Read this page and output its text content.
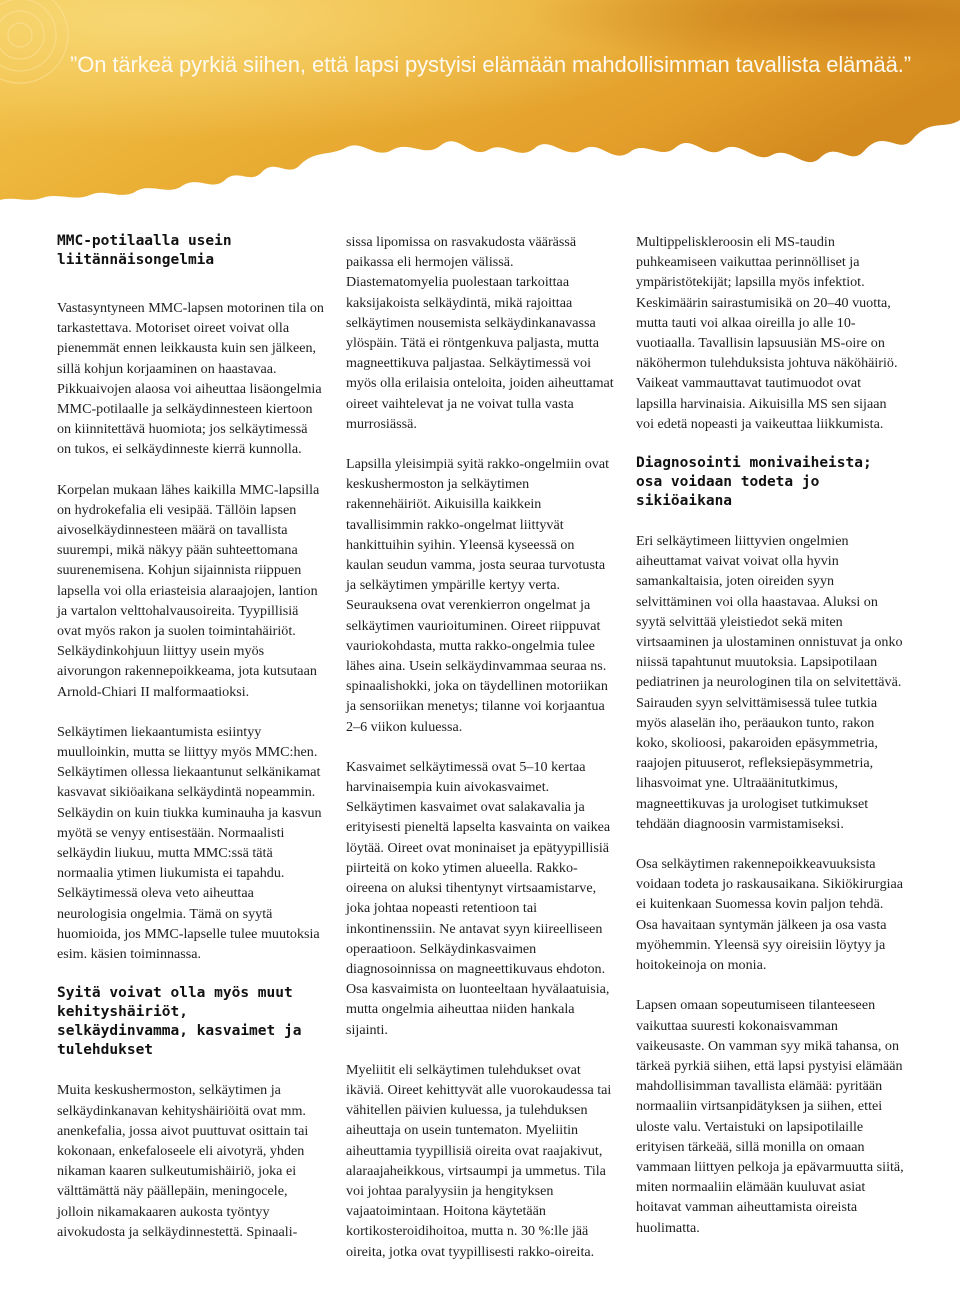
”On tärkeä pyrkiä siihen, että lapsi pystyisi elämään mahdollisimman tavallista elämää.”
MMC-potilaalla usein liitännäisongelmia

Vastasyntyneen MMC-lapsen motorinen tila on tarkastettava. Motoriset oireet voivat olla pienemmät ennen leikkausta kuin sen jälkeen, sillä kohjun korjaaminen on haastavaa. Pikkuaivojen alaosa voi aiheuttaa lisäongelmia MMC-potilaalle ja selkäydinnesteen kiertoon on kiinnitettävä huomiota; jos selkäytimessä on tukos, ei selkäydinneste kierrä kunnolla.

Korpelan mukaan lähes kaikilla MMC-lapsilla on hydrokefalia eli vesipää. Tällöin lapsen aivoselkäydinnesteen määrä on tavallista suurempi, mikä näkyy pään suhteettomana suurenemisena. Kohjun sijainnista riippuen lapsella voi olla eriasteisia alaraajojen, lantion ja vartalon velttohalvausoireita. Tyypillisiä ovat myös rakon ja suolen toimintahäiriöt. Selkäydinkohjuun liittyy usein myös aivorungon rakennepoikkeama, jota kutsutaan Arnold-Chiari II malformaatioksi.

Selkäytimen liekaantumista esiintyy muulloinkin, mutta se liittyy myös MMC:hen. Selkäytimen ollessa liekaantunut selkänikamat kasvavat sikiöaikana selkäydintä nopeammin. Selkäydin on kuin tiukka kuminauha ja kasvun myötä se venyy entisestään. Normaalisti selkäydin liukuu, mutta MMC:ssä tätä normaalia ytimen liukumista ei tapahdu. Selkäytimessä oleva veto aiheuttaa neurologisia ongelmia. Tämä on syytä huomioida, jos MMC-lapselle tulee muutoksia esim. käsien toiminnassa.

Syitä voivat olla myös muut kehityshäiriöt, selkäydinvamma, kasvaimet ja tulehdukset

Muita keskushermoston, selkäytimen ja selkäydinkanavan kehityshäiriöitä ovat mm. anenkefalia, jossa aivot puuttuvat osittain tai kokonaan, enkefaloseele eli aivotyrä, yhden nikaman kaaren sulkeutumishäiriö, joka ei välttämättä näy päällepäin, meningocele, jolloin nikamakaaren aukosta työntyy aivokudosta ja selkäydinnestettä. Spinaali-

sissa lipomissa on rasvakudosta väärässä paikassa eli hermojen välissä. Diastematomyelia puolestaan tarkoittaa kaksijakoista selkäydintä, mikä rajoittaa selkäytimen nousemista selkäydinkanavassa ylöspäin. Tätä ei röntgenkuva paljasta, mutta magneettikuva paljastaa. Selkäytimessä voi myös olla erilaisia onteloita, joiden aiheuttamat oireet vaihtelevat ja ne voivat tulla vasta murrosiässä.

Lapsilla yleisimpiä syitä rakko-ongelmiin ovat keskushermoston ja selkäytimen rakennehäiriöt. Aikuisilla kaikkein tavallisimmin rakko-ongelmat liittyvät hankittuihin syihin. Yleensä kyseessä on kaulan seudun vamma, josta seuraa turvotusta ja selkäytimen ympärille kertyy verta. Seurauksena ovat verenkierron ongelmat ja selkäytimen vaurioituminen. Oireet riippuvat vauriokohdasta, mutta rakko-ongelmia tulee lähes aina. Usein selkäydinvammaa seuraa ns. spinaalishokki, joka on täydellinen motoriikan ja sensoriikan menetys; tilanne voi korjaantua 2–6 viikon kuluessa.

Kasvaimet selkäytimessä ovat 5–10 kertaa harvinaisempia kuin aivokasvaimet. Selkäytimen kasvaimet ovat salakavalia ja erityisesti pieneltä lapselta kasvainta on vaikea löytää. Oireet ovat moninaiset ja epätyypillisiä piirteitä on koko ytimen alueella. Rakko-oireena on aluksi tihentynyt virtsaamistarve, joka johtaa nopeasti retentioon tai inkontinenssiin. Ne antavat syyn kiireelliseen operaatioon. Selkäydinkasvaimen diagnosoinnissa on magneettikuvaus ehdoton. Osa kasvaimista on luonteeltaan hyvälaatuisia, mutta ongelmia aiheuttaa niiden hankala sijainti.

Myeliitit eli selkäytimen tulehdukset ovat ikäviä. Oireet kehittyvät alle vuorokaudessa tai vähitellen päivien kuluessa, ja tulehduksen aiheuttaja on usein tuntematon. Myeliitin aiheuttamia tyypillisiä oireita ovat raajakivut, alaraajaheikkous, virtsaumpi ja ummetus. Tila voi johtaa paralyysiin ja hengityksen vajaatoimintaan. Hoitona käytetään kortikosteroidihoitoa, mutta n. 30 %:lle jää oireita, jotka ovat tyypillisesti rakko-oireita.

Multippeliskleroosin eli MS-taudin puhkeamiseen vaikuttaa perinnölliset ja ympäristötekijät; lapsilla myös infektiot. Keskimäärin sairastumisikä on 20–40 vuotta, mutta tauti voi alkaa oireilla jo alle 10-vuotiaalla. Tavallisin lapsuusiän MS-oire on näköhermon tulehduksista johtuva näköhäiriö. Vaikeat vammauttavat tautimuodot ovat lapsilla harvinaisia. Aikuisilla MS sen sijaan voi edetä nopeasti ja vaikeuttaa liikkumista.

Diagnosointi monivaiheista; osa voidaan todeta jo sikiöaikana

Eri selkäytimeen liittyvien ongelmien aiheuttamat vaivat voivat olla hyvin samankaltaisia, joten oireiden syyn selvittäminen voi olla haastavaa. Aluksi on syytä selvittää yleistiedot sekä miten virtsaaminen ja ulostaminen onnistuvat ja onko niissä tapahtunut muutoksia. Lapsipotilaan pediatrinen ja neurologinen tila on selvitettävä. Sairauden syyn selvittämisessä tulee tutkia myös alaselän iho, peräaukon tunto, rakon koko, skolioosi, pakaroiden epäsymmetria, raajojen pituuserot, refleksiepäsymmetria, lihasvoimat yne. Ultraäänitutkimus, magneettikuvas ja urologiset tutkimukset tehdään diagnoosin varmistamiseksi.

Osa selkäytimen rakennepoikkeavuuksista voidaan todeta jo raskausaikana. Sikiökirurgiaa ei kuitenkaan Suomessa kovin paljon tehdä. Osa havaitaan syntymän jälkeen ja osa vasta myöhemmin. Yleensä syy oireisiin löytyy ja hoitokeinoja on monia.

Lapsen omaan sopeutumiseen tilanteeseen vaikuttaa suuresti kokonaisvamman vaikeusaste. On vamman syy mikä tahansa, on tärkeä pyrkiä siihen, että lapsi pystyisi elämään mahdollisimman tavallista elämää: pyritään normaaliin virtsanpidätyksen ja siihen, ettei uloste valu. Vertaistuki on lapsipotilaille erityisen tärkeää, sillä monilla on omaan vammaan liittyen pelkoja ja epävarmuutta siitä, miten normaaliin elämään kuuluvat asiat hoitavat vamman aiheuttamista oireista huolimatta.
